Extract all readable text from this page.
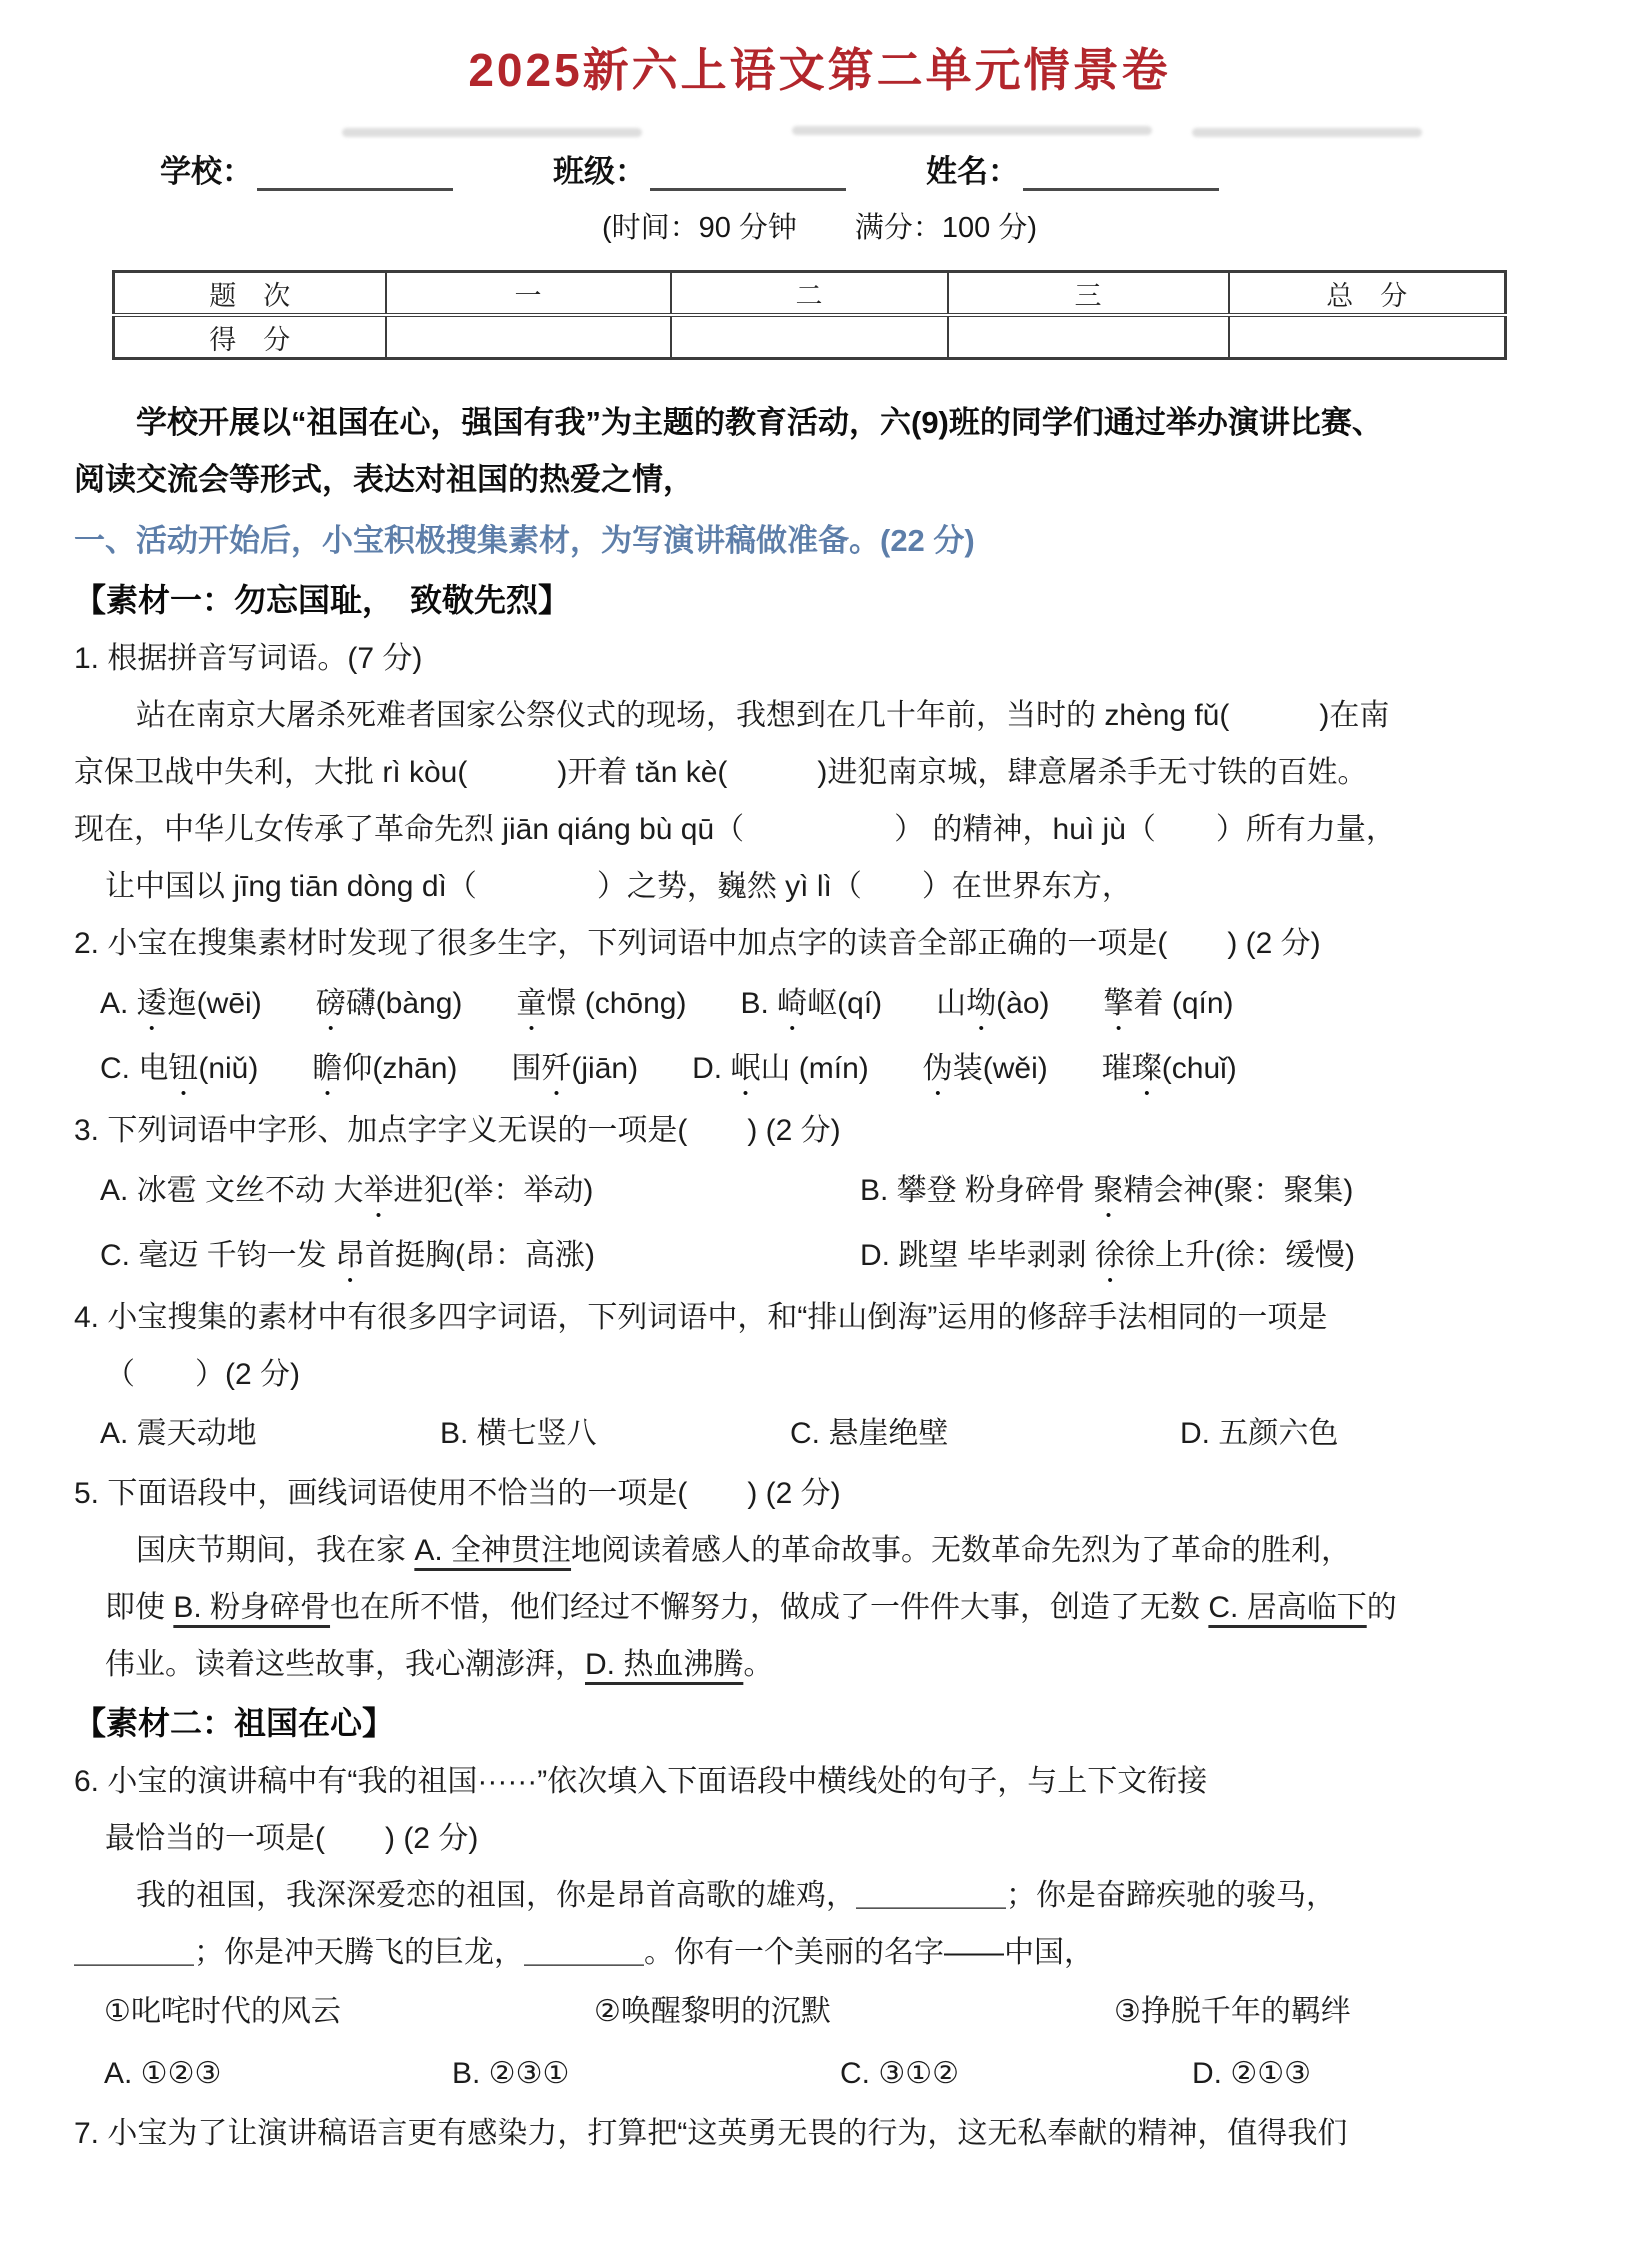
2025新六上语文第二单元情景卷
学校：	班级：	姓名：
(时间：90 分钟　　满分：100 分)
题　次	一	二	三	总　分
得　分				
学校开展以“祖国在心，强国有我”为主题的教育活动，六(9)班的同学们通过举办演讲比赛、
阅读交流会等形式，表达对祖国的热爱之情，
一、活动开始后，小宝积极搜集素材，为写演讲稿做准备。(22 分)
【素材一：勿忘国耻，　致敬先烈】
1. 根据拼音写词语。(7 分)
站在南京大屠杀死难者国家公祭仪式的现场，我想到在几十年前，当时的 zhèng fǔ(　　　)在南
京保卫战中失利，大批 rì kòu(　　　)开着 tǎn kè(　　　)进犯南京城，肆意屠杀手无寸铁的百姓。
现在，中华儿女传承了革命先烈 jiān qiáng bù qū（　　　　　） 的精神，huì jù（　　）所有力量，
让中国以 jīng tiān dòng dì（　　　　）之势，巍然 yì lì（　　）在世界东方，
2. 小宝在搜集素材时发现了很多生字，下列词语中加点字的读音全部正确的一项是(　　) (2 分)
A. 逶迤(wēi) 磅礴(bàng) 童憬 (chōng) B. 崎岖(qí) 山坳(ào) 擎着 (qín)
C. 电钮(niǔ) 瞻仰(zhān) 围歼(jiān) D. 岷山 (mín) 伪装(wěi) 璀璨(chuǐ)
3. 下列词语中字形、加点字字义无误的一项是(　　) (2 分)
A. 冰雹 文丝不动 大举进犯(举：举动)	B. 攀登 粉身碎骨 聚精会神(聚：聚集)
C. 毫迈 千钧一发 昂首挺胸(昂：高涨)	D. 跳望 毕毕剥剥 徐徐上升(徐：缓慢)
4. 小宝搜集的素材中有很多四字词语，下列词语中，和“排山倒海”运用的修辞手法相同的一项是
（　　）(2 分)
A. 震天动地	B. 横七竖八	C. 悬崖绝壁	D. 五颜六色
5. 下面语段中，画线词语使用不恰当的一项是(　　) (2 分)
国庆节期间，我在家 A. 全神贯注地阅读着感人的革命故事。无数革命先烈为了革命的胜利，
即使 B. 粉身碎骨也在所不惜，他们经过不懈努力，做成了一件件大事，创造了无数 C. 居高临下的
伟业。读着这些故事，我心潮澎湃，D. 热血沸腾。
【素材二：祖国在心】
6. 小宝的演讲稿中有“我的祖国······”依次填入下面语段中横线处的句子，与上下文衔接
最恰当的一项是(　　) (2 分)
我的祖国，我深深爱恋的祖国，你是昂首高歌的雄鸡，＿＿＿＿＿；你是奋蹄疾驰的骏马，
＿＿＿＿；你是冲天腾飞的巨龙，＿＿＿＿。你有一个美丽的名字——中国，
①叱咤时代的风云	②唤醒黎明的沉默	③挣脱千年的羁绊
A. ①②③	B. ②③①	C. ③①②	D. ②①③
7. 小宝为了让演讲稿语言更有感染力，打算把“这英勇无畏的行为，这无私奉献的精神，值得我们
